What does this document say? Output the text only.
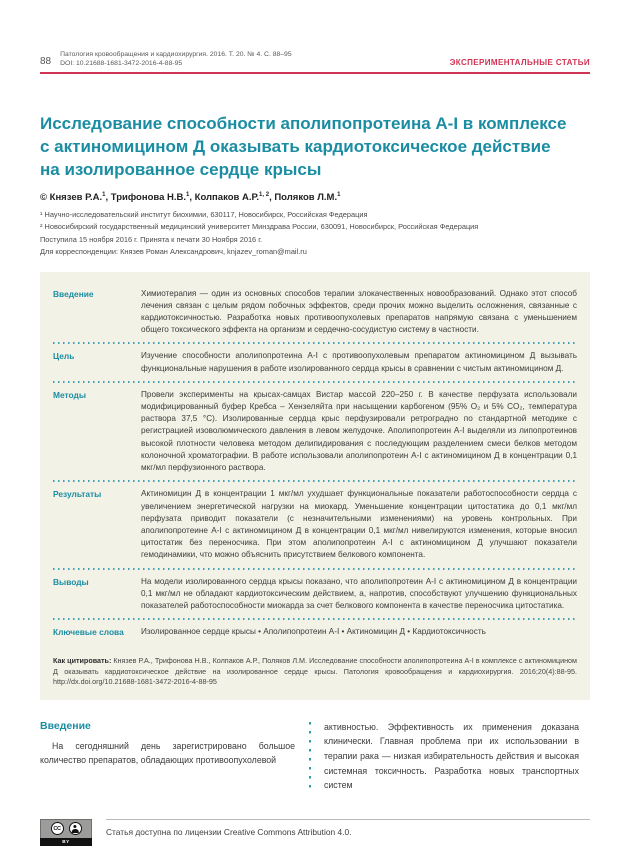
88
Патология кровообращения и кардиохирургия. 2016. Т. 20. № 4. С. 88–95
DOI: 10.21688-1681-3472-2016-4-88-95	ЭКСПЕРИМЕНТАЛЬНЫЕ СТАТЬИ
Исследование способности аполипопротеина A-I в комплексе
с актиномицином Д оказывать кардиотоксическое действие
на изолированное сердце крысы
© Князев Р.А.$^1$, Трифонова Н.В.$^1$, Колпаков А.Р.$^{1, 2}$, Поляков Л.М.$^1$
¹ Научно-исследовательский институт биохимии, 630117, Новосибирск, Российская Федерация
² Новосибирский государственный медицинский университет Минздрава России, 630091, Новосибирск, Российская Федерация
Поступила 15 ноября 2016 г. Принята к печати 30 Ноября 2016 г.
Для корреспонденции: Князев Роман Александрович, knjazev_roman@mail.ru
Введение	Химиотерапия — один из основных способов терапии злокачественных новообразований. Однако этот способ лечения связан с целым рядом побочных эффектов, среди прочих можно выделить осложнения, связанные с кардиотоксичностью. Разработка новых противоопухолевых препаратов напрямую связана с уменьшением общего токсического эффекта на организм и сердечно-сосудистую систему в частности.
Цель	Изучение способности аполипопротеина A-I с противоопухолевым препаратом актиномицином Д вызывать функциональные нарушения в работе изолированного сердца крысы в сравнении с чистым актиномицином Д.
Методы	Провели эксперименты на крысах-самцах Вистар массой 220–250 г. В качестве перфузата использовали модифицированный буфер Кребса – Хензеляйта при насыщении карбогеном (95% O₂ и 5% CO₂, температура раствора 37,5 °C). Изолированные сердца крыс перфузировали ретроградно по стандартной методике с регистрацией изоволюмического давления в левом желудочке. Аполипопротеин A-I выделяли из липопротеинов высокой плотности человека методом делипидирования с последующим разделением смеси белков методом колоночной хроматографии. В работе использовали аполипопротеин A-I с актиномицином Д в концентрации 0,1 мкг/мл перфузионного раствора.
Результаты	Актиномицин Д в концентрации 1 мкг/мл ухудшает функциональные показатели работоспособности сердца с увеличением энергетической нагрузки на миокард. Уменьшение концентрации цитостатика до 0,1 мкг/мл перфузата приводит показатели (с незначительными изменениями) на уровень контрольных. При аполипопротеине A-I с актиномицином Д в концентрации 0,1 мкг/мл нивелируются изменения, которые вносил цитостатик без переносчика. При этом аполипопротеин A-I с актиномицином Д улучшают показатели гемодинамики, что можно объяснить присутствием белкового компонента.
Выводы	На модели изолированного сердца крысы показано, что аполипопротеин A-I с актиномицином Д в концентрации 0,1 мкг/мл не обладают кардиотоксическим действием, а, напротив, способствуют улучшению функциональных показателей работоспособности миокарда за счет белкового компонента в качестве переносчика цитостатика.
Ключевые слова	Изолированное сердце крысы • Аполипопротеин A-I • Актиномицин Д • Кардиотоксичность
Как цитировать: Князев Р.А., Трифонова Н.В., Колпаков А.Р., Поляков Л.М. Исследование способности аполипопротеина A-I в комплексе с актиномицином Д оказывать кардиотоксическое действие на изолированное сердце крысы. Патология кровообращения и кардиохирургия. 2016;20(4):88-95. http://dx.doi.org/10.21688-1681-3472-2016-4-88-95
Введение
На сегодняшний день зарегистрировано большое количество препаратов, обладающих противоопухолевой
активностью. Эффективность их применения доказана клинически. Главная проблема при их использовании в терапии рака — низкая избирательность действия и высокая системная токсичность. Разработка новых транспортных систем
CC
BY
Статья доступна по лицензии Creative Commons Attribution 4.0.
